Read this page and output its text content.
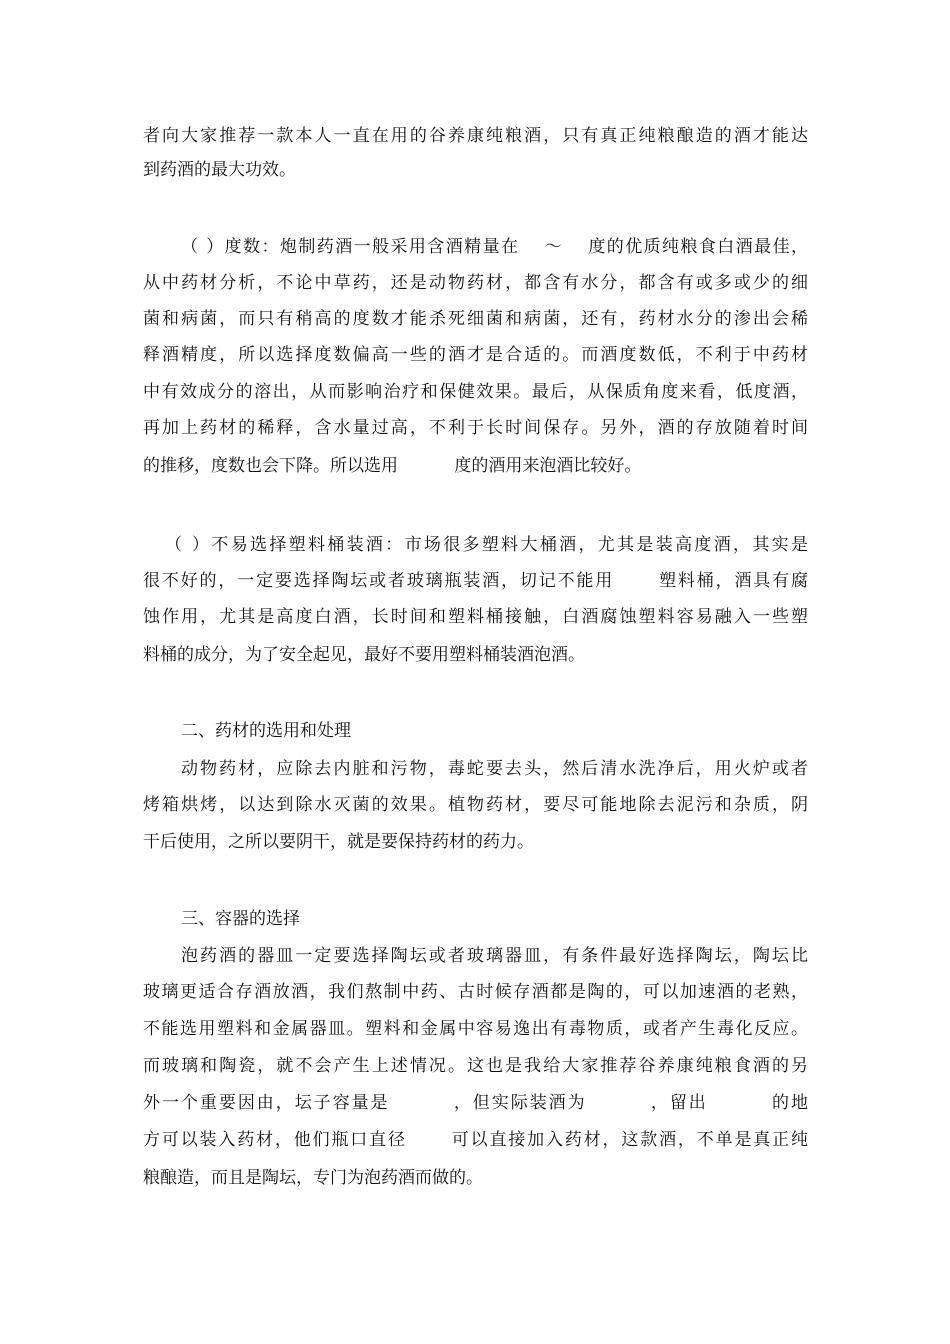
者向大家推荐一款本人一直在用的谷养康纯粮酒，只有真正纯粮酿造的酒才能达
到药酒的最大功效。
（ ）度数：炮制药酒一般采用含酒精量在 　～ 　度的优质纯粮食白酒最佳，
从中药材分析，不论中草药，还是动物药材，都含有水分，都含有或多或少的细
菌和病菌，而只有稍高的度数才能杀死细菌和病菌，还有，药材水分的渗出会稀
释酒精度，所以选择度数偏高一些的酒才是合适的。而酒度数低，不利于中药材
中有效成分的溶出，从而影响治疗和保健效果。最后，从保质角度来看，低度酒，
再加上药材的稀释，含水量过高，不利于长时间保存。另外，酒的存放随着时间
的推移，度数也会下降。所以选用 　　　度的酒用来泡酒比较好。
（ ）不易选择塑料桶装酒：市场很多塑料大桶酒，尤其是装高度酒，其实是
很不好的，一定要选择陶坛或者玻璃瓶装酒，切记不能用 　　塑料桶，酒具有腐
蚀作用，尤其是高度白酒，长时间和塑料桶接触，白酒腐蚀塑料容易融入一些塑
料桶的成分，为了安全起见，最好不要用塑料桶装酒泡酒。
二、药材的选用和处理
动物药材，应除去内脏和污物，毒蛇要去头，然后清水洗净后，用火炉或者
烤箱烘烤，以达到除水灭菌的效果。植物药材，要尽可能地除去泥污和杂质，阴
干后使用，之所以要阴干，就是要保持药材的药力。
三、容器的选择
泡药酒的器皿一定要选择陶坛或者玻璃器皿，有条件最好选择陶坛，陶坛比
玻璃更适合存酒放酒，我们熬制中药、古时候存酒都是陶的，可以加速酒的老熟，
不能选用塑料和金属器皿。塑料和金属中容易逸出有毒物质，或者产生毒化反应。
而玻璃和陶瓷，就不会产生上述情况。这也是我给大家推荐谷养康纯粮食酒的另
外一个重要因由，坛子容量是 　　　，但实际装酒为 　　　，留出 　　　的地
方可以装入药材，他们瓶口直径 　　可以直接加入药材，这款酒，不单是真正纯
粮酿造，而且是陶坛，专门为泡药酒而做的。
